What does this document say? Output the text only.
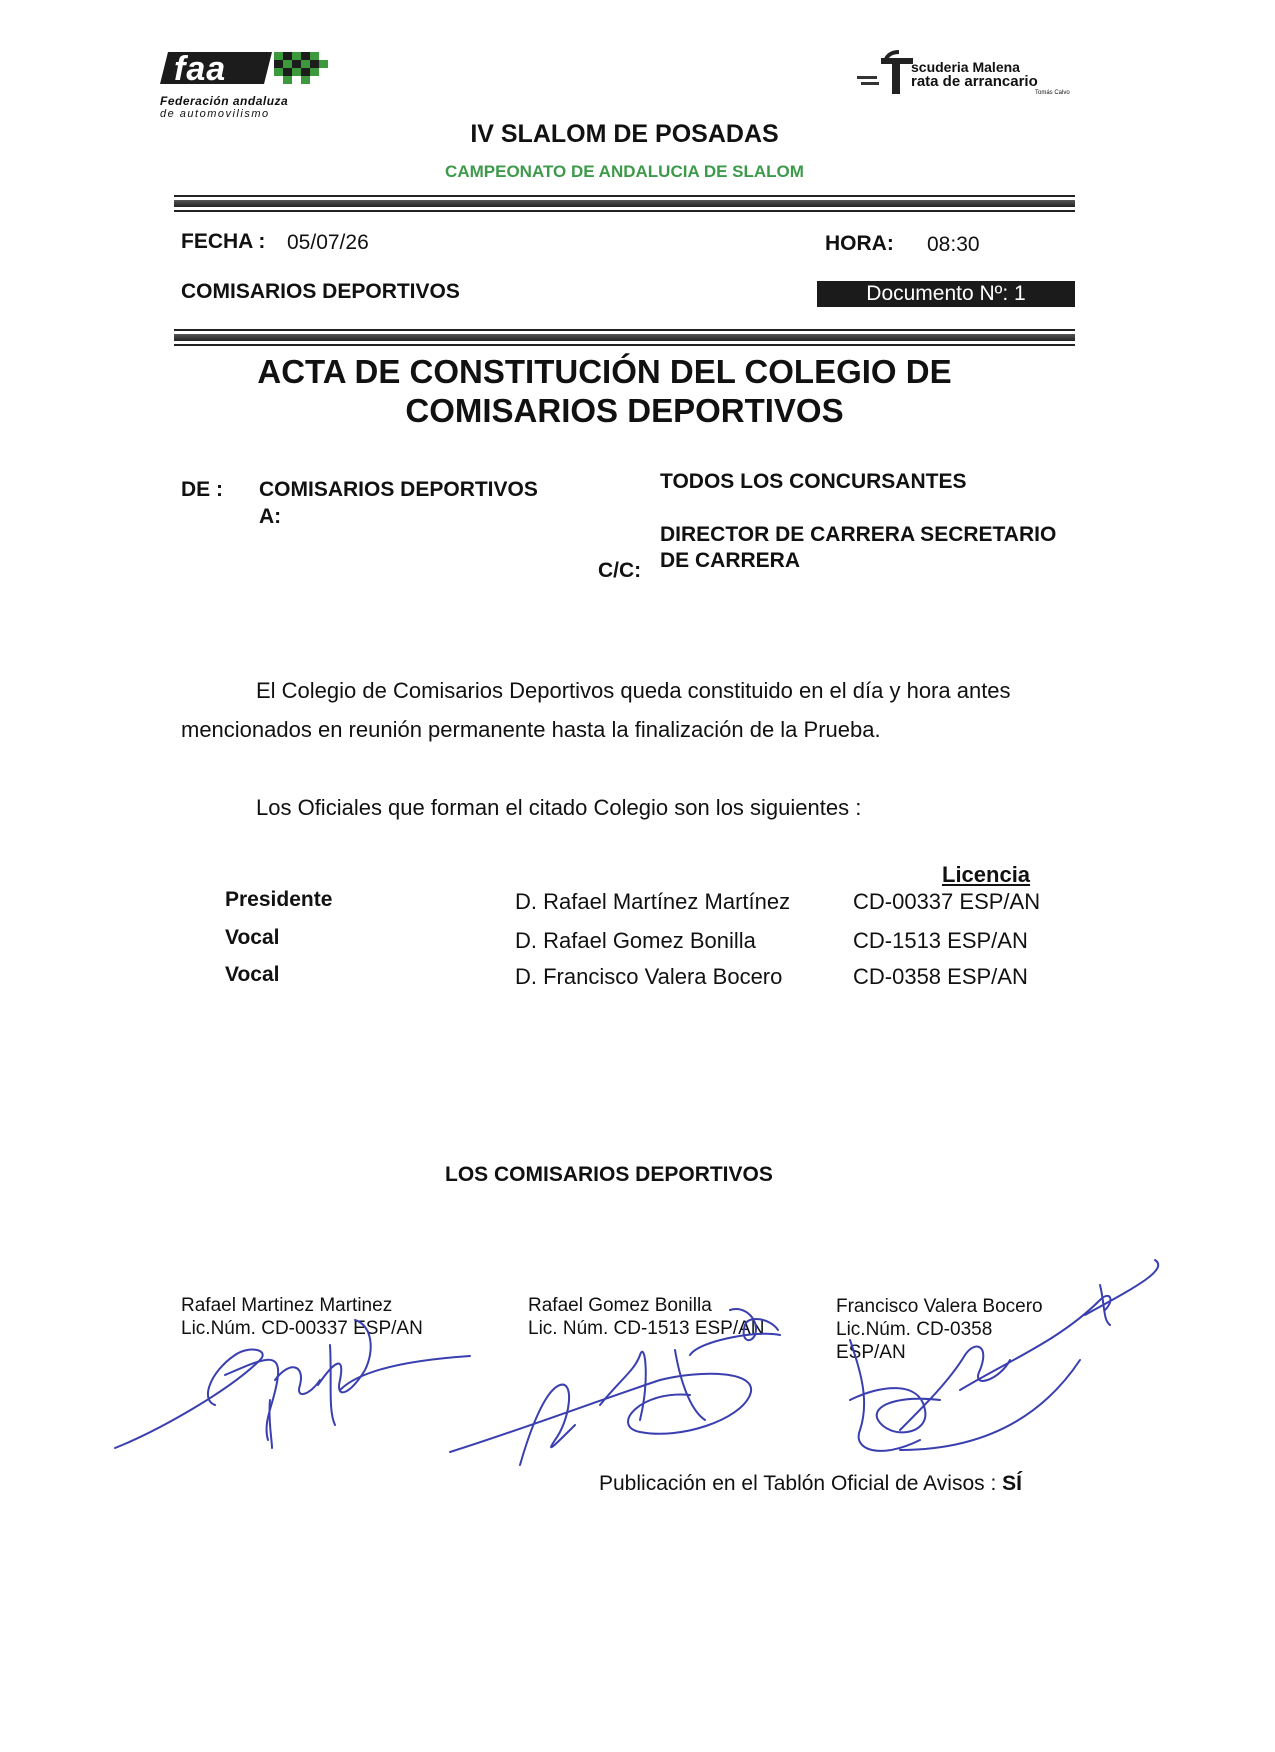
faa
Federación andaluza
de automovilismo
scuderia Malena
rata de arrancario
Tomás Calvo
IV SLALOM DE POSADAS
CAMPEONATO DE ANDALUCIA DE SLALOM
FECHA : 05/07/26	HORA: 08:30
COMISARIOS DEPORTIVOS	Documento Nº: 1
ACTA DE CONSTITUCIÓN DEL COLEGIO DE
COMISARIOS DEPORTIVOS
DE : COMISARIOS DEPORTIVOS
A:
TODOS LOS CONCURSANTES
C/C:
DIRECTOR DE CARRERA SECRETARIO
DE CARRERA
El Colegio de Comisarios Deportivos queda constituido en el día y hora antes
mencionados en reunión permanente hasta la finalización de la Prueba.
Los Oficiales que forman el citado Colegio son los siguientes :
Licencia
Presidente	D. Rafael Martínez Martínez	CD-00337 ESP/AN
Vocal	D. Rafael Gomez Bonilla	CD-1513 ESP/AN
Vocal	D. Francisco Valera Bocero	CD-0358 ESP/AN
LOS COMISARIOS DEPORTIVOS
Rafael Martinez Martinez
Lic.Núm. CD-00337 ESP/AN
Rafael Gomez Bonilla
Lic. Núm. CD-1513 ESP/AN
Francisco Valera Bocero
Lic.Núm. CD-0358
ESP/AN
Publicación en el Tablón Oficial de Avisos : SÍ
